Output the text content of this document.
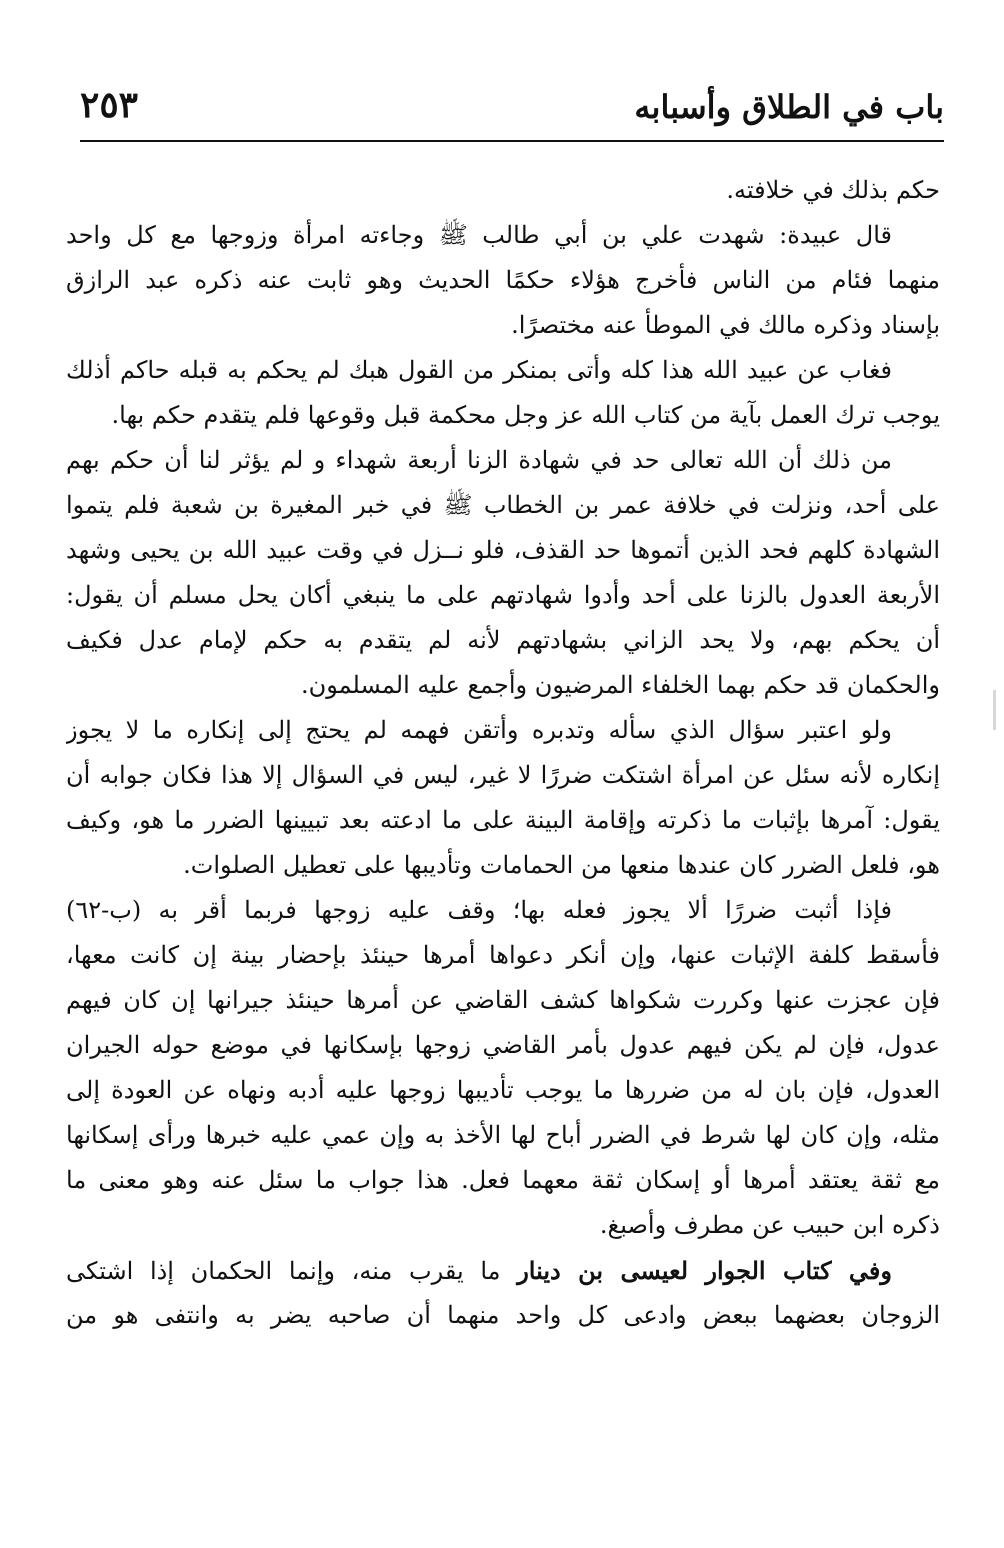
باب في الطلاق وأسبابه
٢٥٣
حكم بذلك في خلافته.
قال عبيدة: شهدت علي بن أبي طالب ﷺ وجاءته امرأة وزوجها مع كل واحد
منهما فئام من الناس فأخرج هؤلاء حكمًا الحديث وهو ثابت عنه ذكره عبد الرازق
بإسناد وذكره مالك في الموطأ عنه مختصرًا.
فغاب عن عبيد الله هذا كله وأتى بمنكر من القول هبك لم يحكم به قبله حاكم أذلك
يوجب ترك العمل بآية من كتاب الله عز وجل محكمة قبل وقوعها فلم يتقدم حكم بها.
من ذلك أن الله تعالى حد في شهادة الزنا أربعة شهداء و لم يؤثر لنا أن حكم بهم
على أحد، ونزلت في خلافة عمر بن الخطاب ﷺ في خبر المغيرة بن شعبة فلم يتموا
الشهادة كلهم فحد الذين أتموها حد القذف، فلو نــزل في وقت عبيد الله بن يحيى وشهد
الأربعة العدول بالزنا على أحد وأدوا شهادتهم على ما ينبغي أكان يحل مسلم أن يقول:
أن يحكم بهم، ولا يحد الزاني بشهادتهم لأنه لم يتقدم به حكم لإمام عدل فكيف
والحكمان قد حكم بهما الخلفاء المرضيون وأجمع عليه المسلمون.
ولو اعتبر سؤال الذي سأله وتدبره وأتقن فهمه لم يحتج إلى إنكاره ما لا يجوز
إنكاره لأنه سئل عن امرأة اشتكت ضررًا لا غير، ليس في السؤال إلا هذا فكان جوابه أن
يقول: آمرها بإثبات ما ذكرته وإقامة البينة على ما ادعته بعد تبيينها الضرر ما هو، وكيف
هو، فلعل الضرر كان عندها منعها من الحمامات وتأديبها على تعطيل الصلوات.
فإذا أثبت ضررًا ألا يجوز فعله بها؛ وقف عليه زوجها فربما أقر به (ب-٦٢)
فأسقط كلفة الإثبات عنها، وإن أنكر دعواها أمرها حينئذ بإحضار بينة إن كانت معها،
فإن عجزت عنها وكررت شكواها كشف القاضي عن أمرها حينئذ جيرانها إن كان فيهم
عدول، فإن لم يكن فيهم عدول بأمر القاضي زوجها بإسكانها في موضع حوله الجيران
العدول، فإن بان له من ضررها ما يوجب تأديبها زوجها عليه أدبه ونهاه عن العودة إلى
مثله، وإن كان لها شرط في الضرر أباح لها الأخذ به وإن عمي عليه خبرها ورأى إسكانها
مع ثقة يعتقد أمرها أو إسكان ثقة معهما فعل. هذا جواب ما سئل عنه وهو معنى ما
ذكره ابن حبيب عن مطرف وأصبغ.
وفي كتاب الجوار لعيسى بن دينار ما يقرب منه، وإنما الحكمان إذا اشتكى
الزوجان بعضهما ببعض وادعى كل واحد منهما أن صاحبه يضر به وانتفى هو من
